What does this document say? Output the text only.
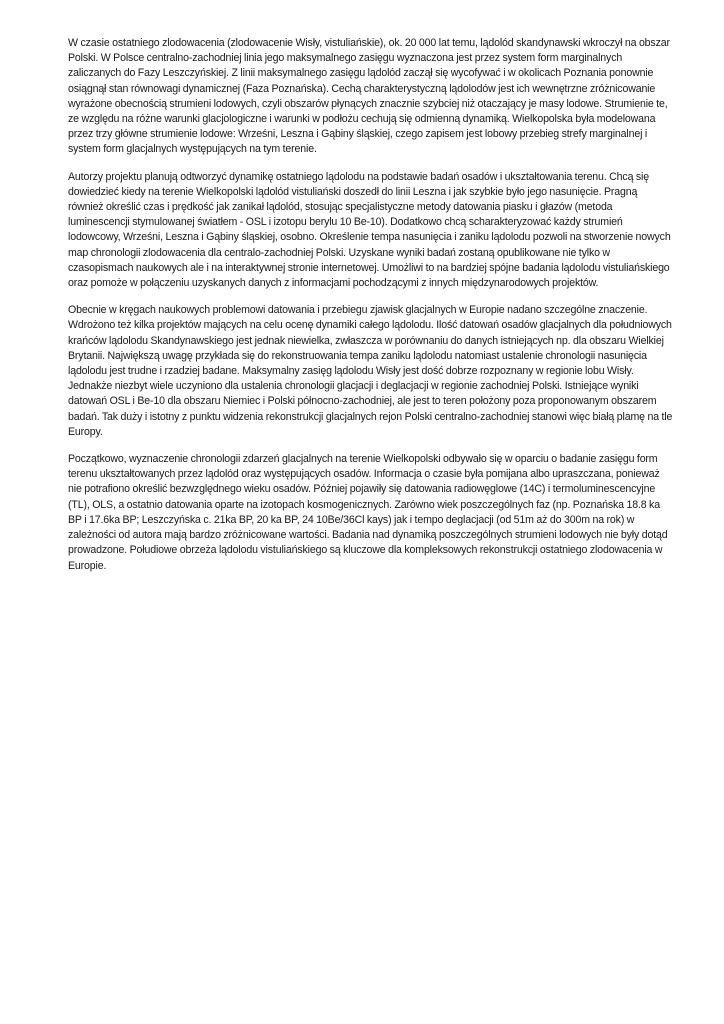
W czasie ostatniego zlodowacenia (zlodowacenie Wisły, vistuliańskie), ok. 20 000 lat temu, lądolód skandynawski wkroczył na obszar Polski. W Polsce centralno-zachodniej linia jego maksymalnego zasięgu wyznaczona jest przez system form marginalnych zaliczanych do Fazy Leszczyńskiej. Z linii maksymalnego zasięgu lądolód zaczął się wycofywać i w okolicach Poznania ponownie osiągnął stan równowagi dynamicznej (Faza Poznańska). Cechą charakterystyczną lądolodów jest ich wewnętrzne zróżnicowanie wyrażone obecnością strumieni lodowych, czyli obszarów płynących znacznie szybciej niż otaczający je masy lodowe. Strumienie te, ze względu na różne warunki glacjologiczne i warunki w podłożu cechują się odmienną dynamiką. Wielkopolska była modelowana przez trzy główne strumienie lodowe: Wrześni, Leszna i Gąbiny śląskiej, czego zapisem jest lobowy przebieg strefy marginalnej i system form glacjalnych występujących na tym terenie.

Autorzy projektu planują odtworzyć dynamikę ostatniego lądolodu na podstawie badań osadów i ukształtowania terenu. Chcą się dowiedzieć kiedy na terenie Wielkopolski lądolód vistuliański doszedł do linii Leszna i jak szybkie było jego nasunięcie. Pragną również określić czas i prędkość jak zanikał lądolód, stosując specjalistyczne metody datowania piasku i głazów (metoda luminescencji stymulowanej światłem - OSL i izotopu berylu 10 Be-10). Dodatkowo chcą scharakteryzować każdy strumień lodowcowy, Wrześni, Leszna i Gąbiny śląskiej, osobno. Określenie tempa nasunięcia i zaniku lądolodu pozwoli na stworzenie nowych map chronologii zlodowacenia dla centralo-zachodniej Polski. Uzyskane wyniki badań zostaną opublikowane nie tylko w czasopismach naukowych ale i na interaktywnej stronie internetowej. Umożliwi to na bardziej spójne badania lądolodu vistuliańskiego oraz pomoże w połączeniu uzyskanych danych z informacjami pochodzącymi z innych międzynarodowych projektów.

Obecnie w kręgach naukowych problemowi datowania i przebiegu zjawisk glacjalnych w Europie nadano szczególne znaczenie. Wdrożono też kilka projektów mających na celu ocenę dynamiki całego lądolodu. Ilość datowań osadów glacjalnych dla południowych krańców lądolodu Skandynawskiego jest jednak niewielka, zwłaszcza w porównaniu do danych istniejących np. dla obszaru Wielkiej Brytanii. Największą uwagę przykłada się do rekonstruowania tempa zaniku lądolodu natomiast ustalenie chronologii nasunięcia lądolodu jest trudne i rzadziej badane. Maksymalny zasięg lądolodu Wisły jest dość dobrze rozpoznany w regionie lobu Wisły. Jednakże niezbyt wiele uczyniono dla ustalenia chronologii glacjacji i deglacjacji w regionie zachodniej Polski. Istniejące wyniki datowań OSL i Be-10 dla obszaru Niemiec i Polski północno-zachodniej, ale jest to teren położony poza proponowanym obszarem badań. Tak duży i istotny z punktu widzenia rekonstrukcji glacjalnych rejon Polski centralno-zachodniej stanowi więc białą plamę na tle Europy.

Początkowo, wyznaczenie chronologii zdarzeń glacjalnych na terenie Wielkopolski odbywało się w oparciu o badanie zasięgu form terenu ukształtowanych przez lądolód oraz występujących osadów. Informacja o czasie była pomijana albo upraszczana, ponieważ nie potrafiono określić bezwzględnego wieku osadów. Później pojawiły się datowania radiowęglowe (14C) i termoluminescencyjne (TL), OLS, a ostatnio datowania oparte na izotopach kosmogenicznych. Zarówno wiek poszczególnych faz (np. Poznańska 18.8 ka BP i 17.6ka BP; Leszczyńska c. 21ka BP, 20 ka BP, 24 10Be/36Cl kays) jak i tempo deglacjacji (od 51m aż do 300m na rok) w zależności od autora mają bardzo zróżnicowane wartości. Badania nad dynamiką poszczególnych strumieni lodowych nie były dotąd prowadzone. Połudiowe obrzeża lądolodu vistuliańskiego są kluczowe dla kompleksowych rekonstrukcji ostatniego zlodowacenia w Europie.
